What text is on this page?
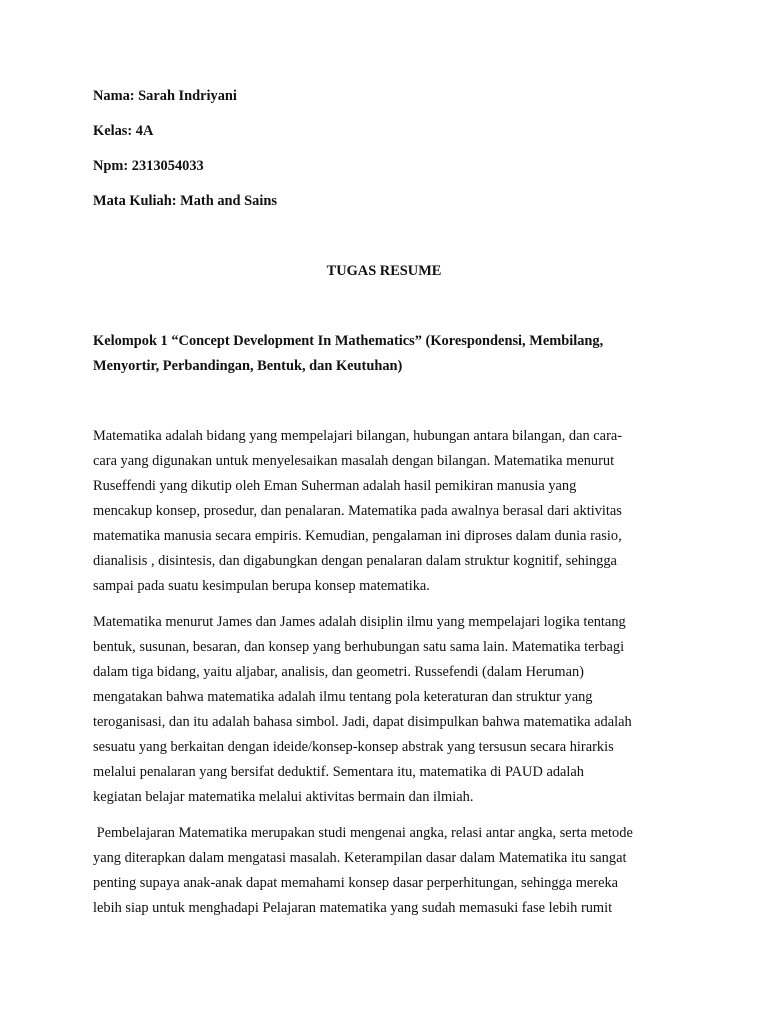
Nama: Sarah Indriyani
Kelas: 4A
Npm: 2313054033
Mata Kuliah: Math and Sains
TUGAS RESUME
Kelompok 1 “Concept Development In Mathematics” (Korespondensi, Membilang,
Menyortir, Perbandingan, Bentuk, dan Keutuhan)
Matematika adalah bidang yang mempelajari bilangan, hubungan antara bilangan, dan cara-
cara yang digunakan untuk menyelesaikan masalah dengan bilangan. Matematika menurut
Ruseffendi yang dikutip oleh Eman Suherman adalah hasil pemikiran manusia yang
mencakup konsep, prosedur, dan penalaran. Matematika pada awalnya berasal dari aktivitas
matematika manusia secara empiris. Kemudian, pengalaman ini diproses dalam dunia rasio,
dianalisis , disintesis, dan digabungkan dengan penalaran dalam struktur kognitif, sehingga
sampai pada suatu kesimpulan berupa konsep matematika.
Matematika menurut James dan James adalah disiplin ilmu yang mempelajari logika tentang
bentuk, susunan, besaran, dan konsep yang berhubungan satu sama lain. Matematika terbagi
dalam tiga bidang, yaitu aljabar, analisis, dan geometri. Russefendi (dalam Heruman)
mengatakan bahwa matematika adalah ilmu tentang pola keteraturan dan struktur yang
teroganisasi, dan itu adalah bahasa simbol. Jadi, dapat disimpulkan bahwa matematika adalah
sesuatu yang berkaitan dengan ideide/konsep-konsep abstrak yang tersusun secara hirarkis
melalui penalaran yang bersifat deduktif. Sementara itu, matematika di PAUD adalah
kegiatan belajar matematika melalui aktivitas bermain dan ilmiah.
Pembelajaran Matematika merupakan studi mengenai angka, relasi antar angka, serta metode
yang diterapkan dalam mengatasi masalah. Keterampilan dasar dalam Matematika itu sangat
penting supaya anak-anak dapat memahami konsep dasar perperhitungan, sehingga mereka
lebih siap untuk menghadapi Pelajaran matematika yang sudah memasuki fase lebih rumit
